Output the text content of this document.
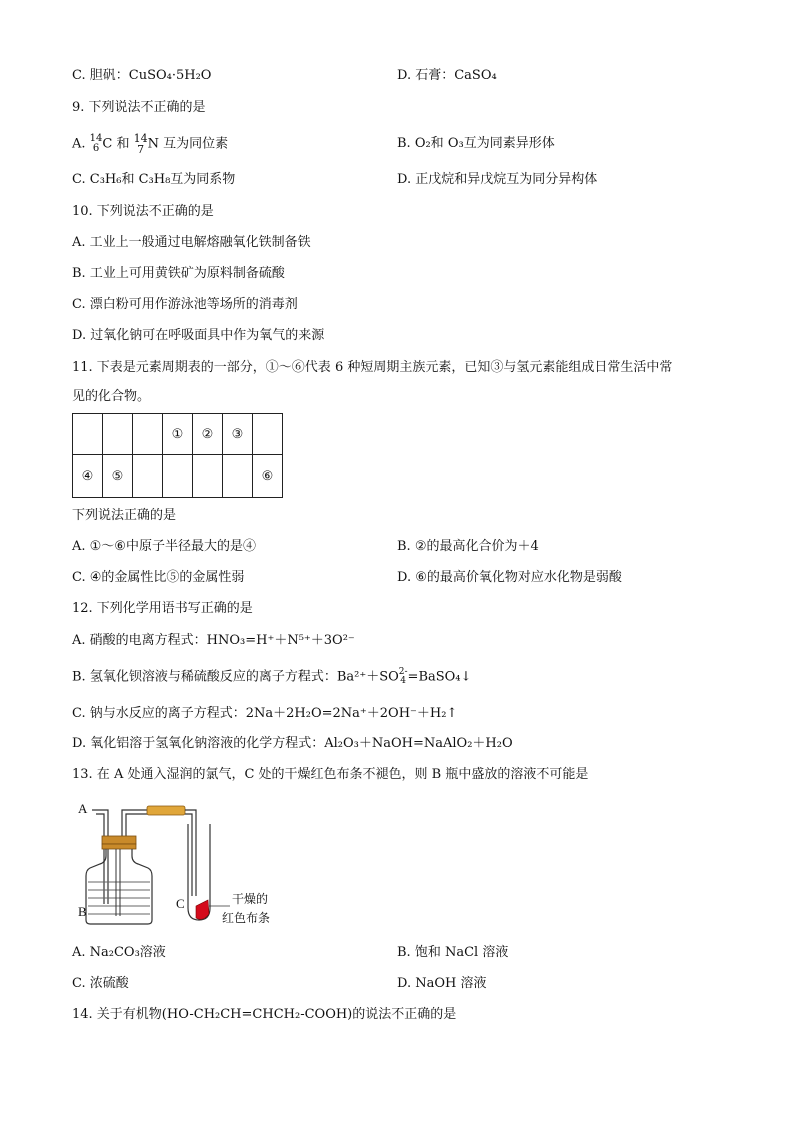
C. 胆矾：CuSO₄·5H₂O	D. 石膏：CaSO₄
9. 下列说法不正确的是
A. 14
6 C 和 14
7 N 互为同位素	B. O₂和 O₃互为同素异形体
C. C₃H₆和 C₃H₈互为同系物	D. 正戊烷和异戊烷互为同分异构体
10. 下列说法不正确的是
A. 工业上一般通过电解熔融氧化铁制备铁
B. 工业上可用黄铁矿为原料制备硫酸
C. 漂白粉可用作游泳池等场所的消毒剂
D. 过氧化钠可在呼吸面具中作为氧气的来源
11. 下表是元素周期表的一部分，①～⑥代表 6 种短周期主族元素，已知③与氢元素能组成日常生活中常
见的化合物。
			①	②	③	
④	⑤					⑥
下列说法正确的是
A. ①～⑥中原子半径最大的是④	B. ②的最高化合价为＋4
C. ④的金属性比⑤的金属性弱	D. ⑥的最高价氧化物对应水化物是弱酸
12. 下列化学用语书写正确的是
A. 硝酸的电离方程式：HNO₃=H⁺＋N⁵⁺＋3O²⁻
B. 氢氧化钡溶液与稀硫酸反应的离子方程式：Ba²⁺＋SO2-
4 =BaSO₄↓
C. 钠与水反应的离子方程式：2Na＋2H₂O=2Na⁺＋2OH⁻＋H₂↑
D. 氧化铝溶于氢氧化钠溶液的化学方程式：Al₂O₃＋NaOH=NaAlO₂＋H₂O
13. 在 A 处通入湿润的氯气，C 处的干燥红色布条不褪色，则 B 瓶中盛放的溶液不可能是
A
B
C	干燥的
红色布条
A. Na₂CO₃溶液	B. 饱和 NaCl 溶液
C. 浓硫酸	D. NaOH 溶液
14. 关于有机物(HO-CH₂CH=CHCH₂-COOH)的说法不正确的是
